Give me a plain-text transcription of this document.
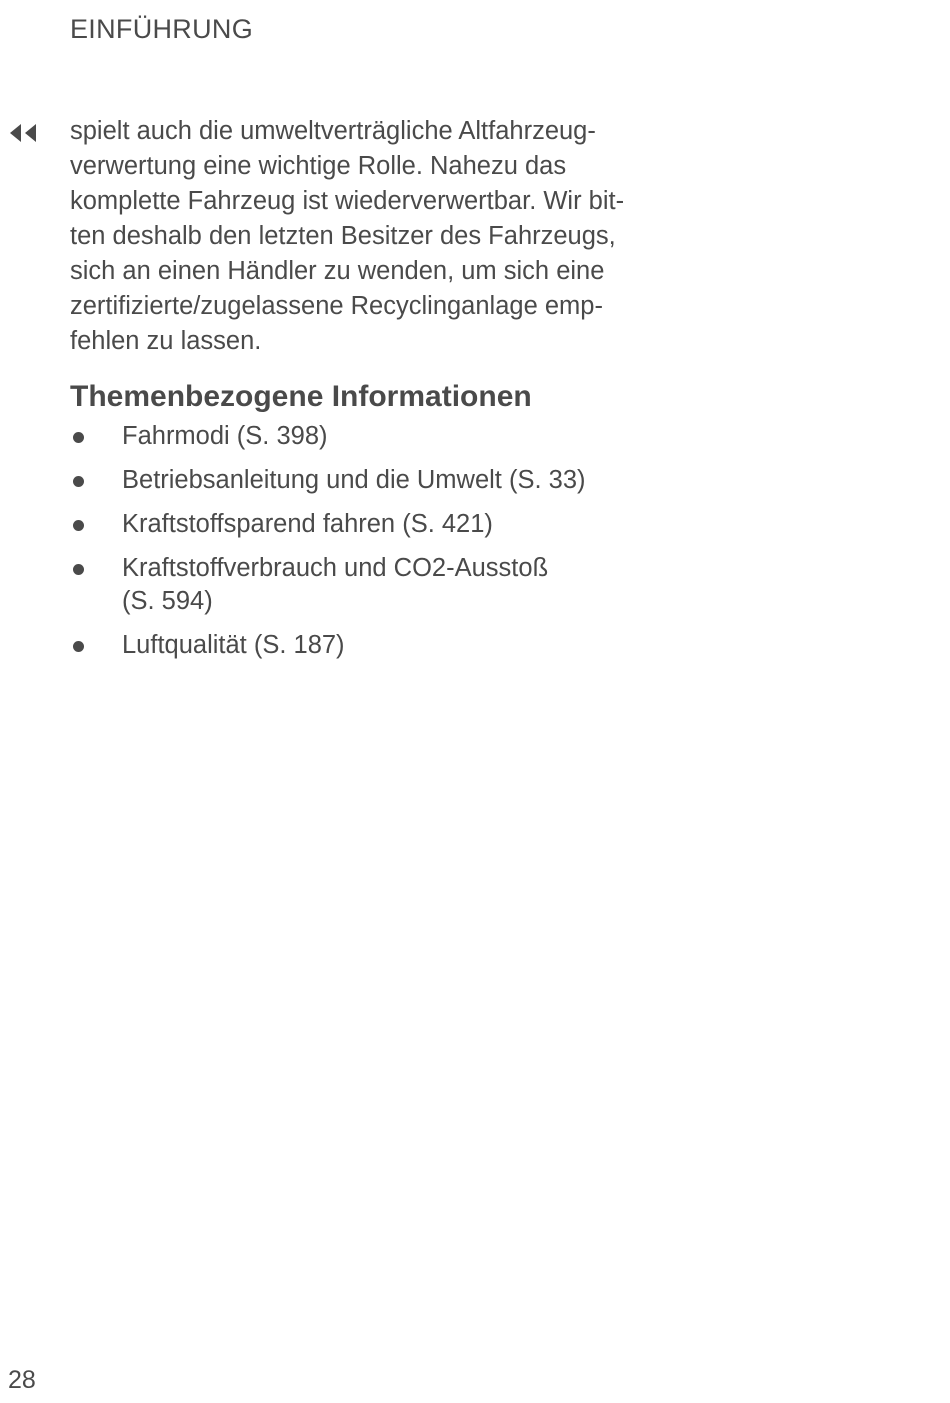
EINFÜHRUNG

spielt auch die umweltverträgliche Altfahrzeug-
verwertung eine wichtige Rolle. Nahezu das
komplette Fahrzeug ist wiederverwertbar. Wir bit-
ten deshalb den letzten Besitzer des Fahrzeugs,
sich an einen Händler zu wenden, um sich eine
zertifizierte/zugelassene Recyclinganlage emp-
fehlen zu lassen.

Themenbezogene Informationen
Fahrmodi (S. 398)
Betriebsanleitung und die Umwelt (S. 33)
Kraftstoffsparend fahren (S. 421)
Kraftstoffverbrauch und CO2-Ausstoß
(S. 594)
Luftqualität (S. 187)
28
